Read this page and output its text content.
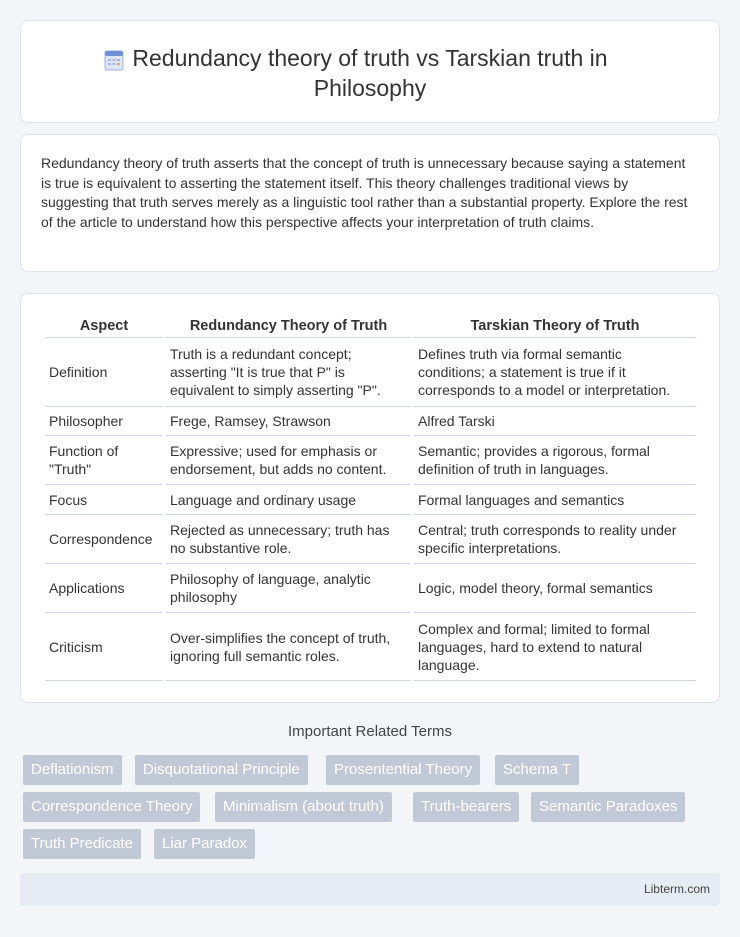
Redundancy theory of truth vs Tarskian truth in
Philosophy

Redundancy theory of truth asserts that the concept of truth is unnecessary because saying a statement is true is equivalent to asserting the statement itself. This theory challenges traditional views by suggesting that truth serves merely as a linguistic tool rather than a substantial property. Explore the rest of the article to understand how this perspective affects your interpretation of truth claims.

Aspect	Redundancy Theory of Truth	Tarskian Theory of Truth
Definition	Truth is a redundant concept; asserting "It is true that P" is equivalent to simply asserting "P".	Defines truth via formal semantic conditions; a statement is true if it corresponds to a model or interpretation.
Philosopher	Frege, Ramsey, Strawson	Alfred Tarski
Function of "Truth"	Expressive; used for emphasis or endorsement, but adds no content.	Semantic; provides a rigorous, formal definition of truth in languages.
Focus	Language and ordinary usage	Formal languages and semantics
Correspondence	Rejected as unnecessary; truth has no substantive role.	Central; truth corresponds to reality under specific interpretations.
Applications	Philosophy of language, analytic philosophy	Logic, model theory, formal semantics
Criticism	Over-simplifies the concept of truth, ignoring full semantic roles.	Complex and formal; limited to formal languages, hard to extend to natural language.
Important Related Terms
Deflationism	Disquotational Principle	Prosentential Theory	Schema T
Correspondence Theory	Minimalism (about truth)	Truth-bearers	Semantic Paradoxes
Truth Predicate	Liar Paradox
Libterm.com
